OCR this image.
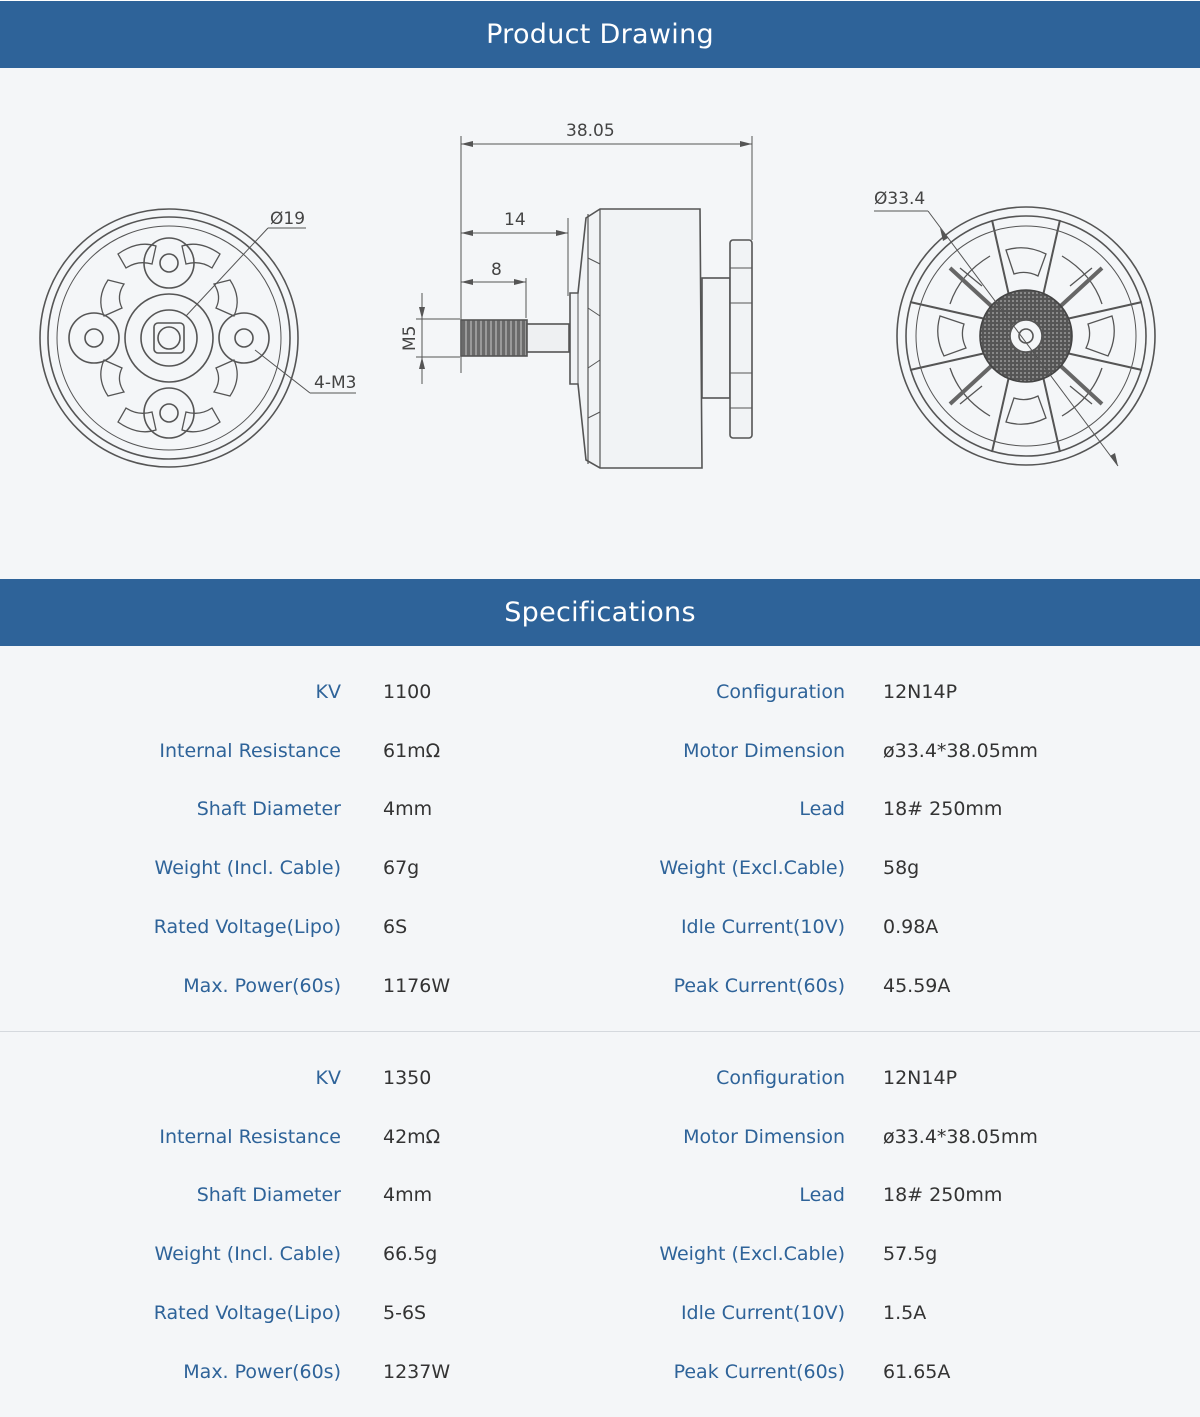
Product Drawing
Ø19
4-M3
38.05
14
8
M5
Ø33.4
Specifications
KV 1100	Configuration 12N14P
Internal Resistance 61mΩ	Motor Dimension ø33.4*38.05mm
Shaft Diameter 4mm	Lead 18# 250mm
Weight (Incl. Cable) 67g	Weight (Excl.Cable) 58g
Rated Voltage(Lipo) 6S	Idle Current(10V) 0.98A
Max. Power(60s) 1176W	Peak Current(60s) 45.59A
KV 1350	Configuration 12N14P
Internal Resistance 42mΩ	Motor Dimension ø33.4*38.05mm
Shaft Diameter 4mm	Lead 18# 250mm
Weight (Incl. Cable) 66.5g	Weight (Excl.Cable) 57.5g
Rated Voltage(Lipo) 5-6S	Idle Current(10V) 1.5A
Max. Power(60s) 1237W	Peak Current(60s) 61.65A
